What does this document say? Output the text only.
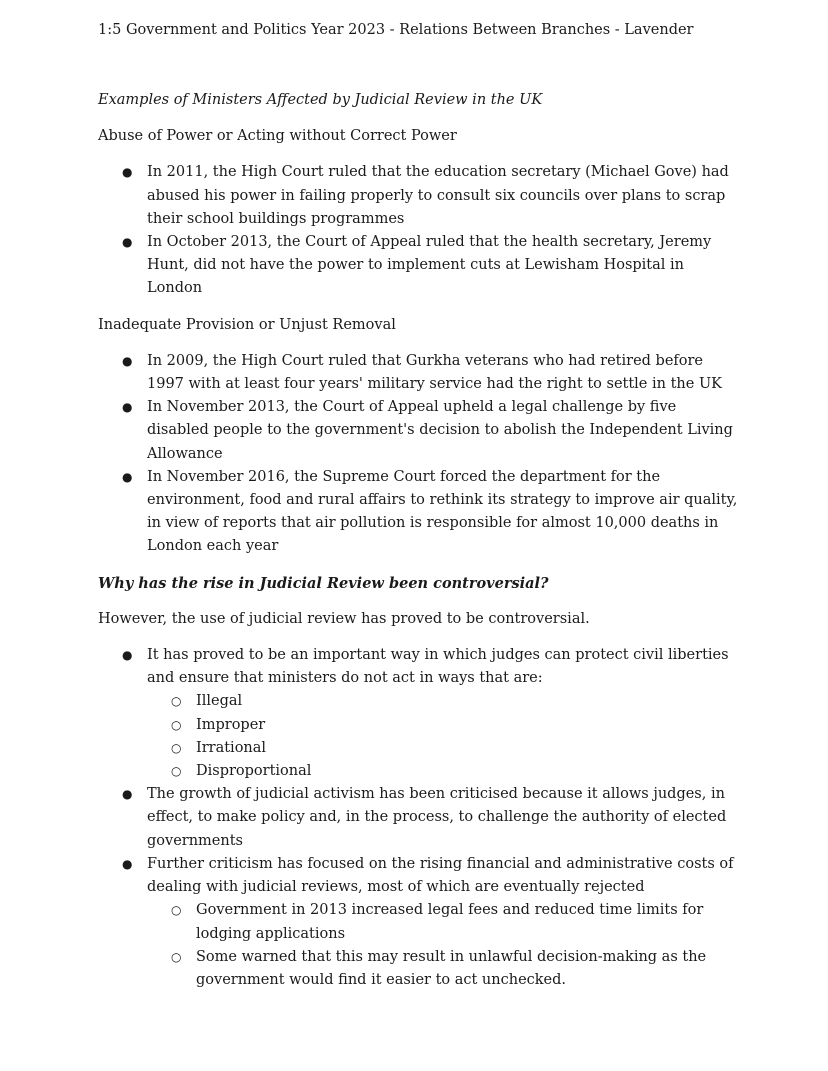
1:5 Government and Politics Year 2023 - Relations Between Branches - Lavender
Examples of Ministers Affected by Judicial Review in the UK
Abuse of Power or Acting without Correct Power
● In 2011, the High Court ruled that the education secretary (Michael Gove) had abused his power in failing properly to consult six councils over plans to scrap their school buildings programmes
● In October 2013, the Court of Appeal ruled that the health secretary, Jeremy Hunt, did not have the power to implement cuts at Lewisham Hospital in London
Inadequate Provision or Unjust Removal
● In 2009, the High Court ruled that Gurkha veterans who had retired before 1997 with at least four years' military service had the right to settle in the UK
● In November 2013, the Court of Appeal upheld a legal challenge by five disabled people to the government's decision to abolish the Independent Living Allowance
● In November 2016, the Supreme Court forced the department for the environment, food and rural affairs to rethink its strategy to improve air quality, in view of reports that air pollution is responsible for almost 10,000 deaths in London each year
Why has the rise in Judicial Review been controversial?
However, the use of judicial review has proved to be controversial.
● It has proved to be an important way in which judges can protect civil liberties and ensure that ministers do not act in ways that are:
○ Illegal
○ Improper
○ Irrational
○ Disproportional
● The growth of judicial activism has been criticised because it allows judges, in effect, to make policy and, in the process, to challenge the authority of elected governments
● Further criticism has focused on the rising financial and administrative costs of dealing with judicial reviews, most of which are eventually rejected
○ Government in 2013 increased legal fees and reduced time limits for lodging applications
○ Some warned that this may result in unlawful decision-making as the government would find it easier to act unchecked.
